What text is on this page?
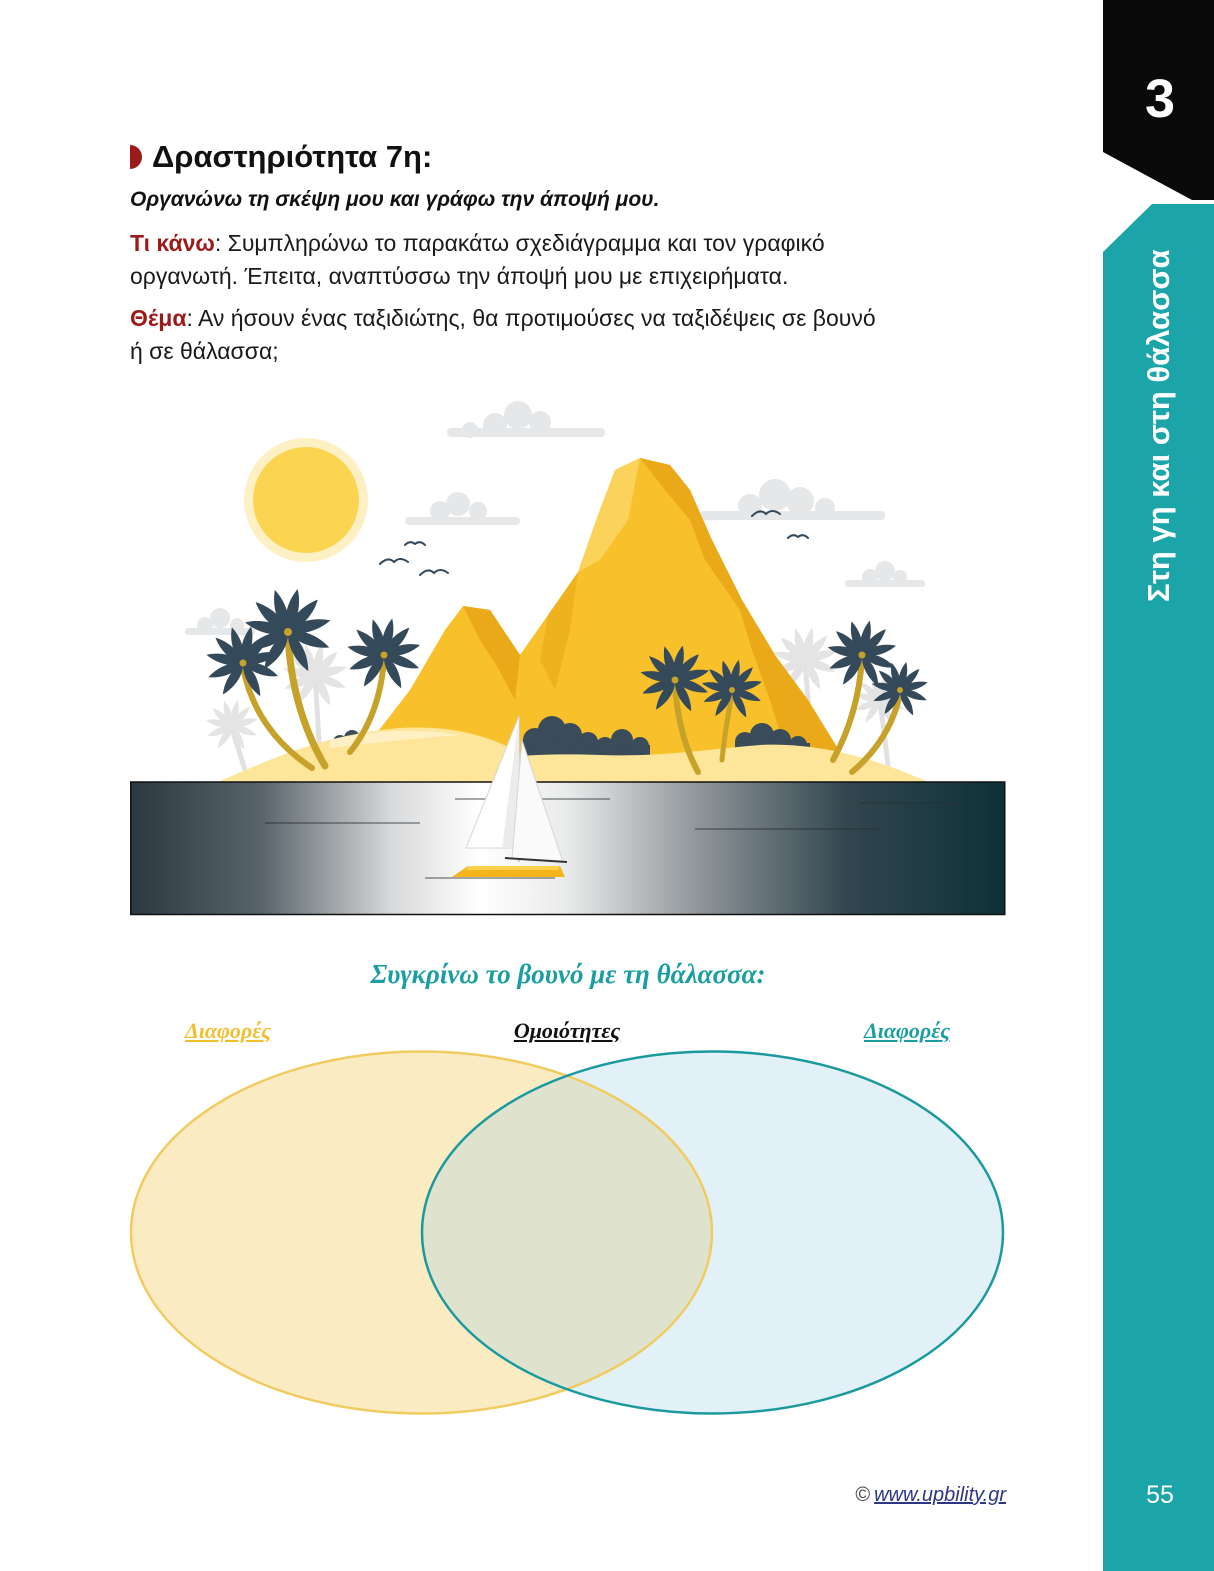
3
Στη γη και στη θάλασσα
55
Δραστηριότητα 7η:
Οργανώνω τη σκέψη μου και γράφω την άποψή μου.
Τι κάνω: Συμπληρώνω το παρακάτω σχεδιάγραμμα και τον γραφικό
οργανωτή. Έπειτα, αναπτύσσω την άποψή μου με επιχειρήματα.
Θέμα: Αν ήσουν ένας ταξιδιώτης, θα προτιμούσες να ταξιδέψεις σε βουνό
ή σε θάλασσα;
Συγκρίνω το βουνό με τη θάλασσα:
Διαφορές	Ομοιότητες	Διαφορές
© www.upbility.gr
